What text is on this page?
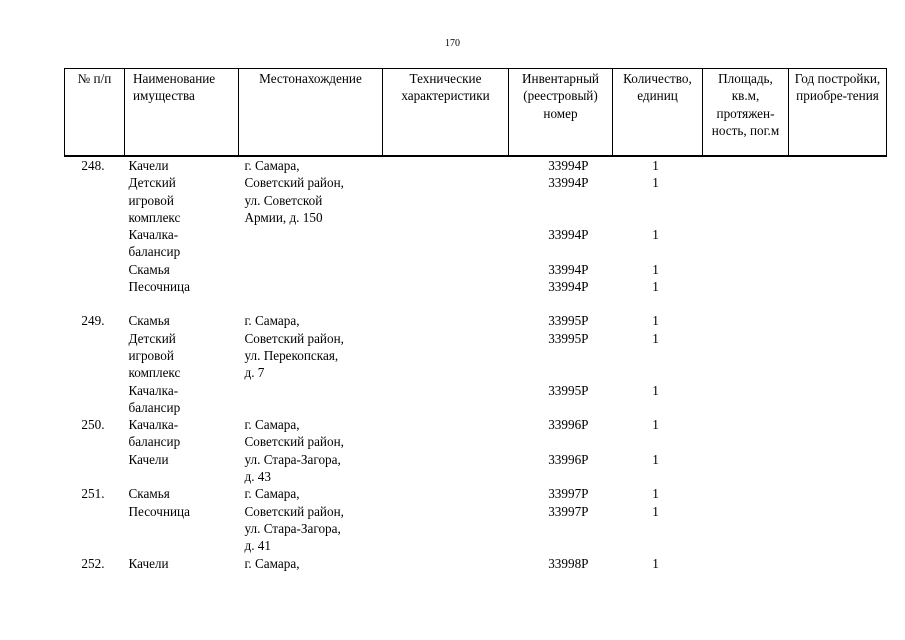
170
№ п/п	Наименование имущества	Местонахождение	Технические характеристики	Инвентарный (реестровый) номер	Количество, единиц	Площадь, кв.м, протяжен-ность, пог.м	Год постройки, приобре-тения
248.	Качели	г. Самара,		33994Р	1		
	Детский	Советский район,		33994Р	1		
	игровой	ул. Советской					
	комплекс	Армии, д. 150					
	Качалка-			33994Р	1		
	балансир						
	Скамья			33994Р	1		
	Песочница			33994Р	1		

249.	Скамья	г. Самара,		33995Р	1		
	Детский	Советский район,		33995Р	1		
	игровой	ул. Перекопская,					
	комплекс	д. 7					
	Качалка-			33995Р	1		
	балансир						
250.	Качалка-	г. Самара,		33996Р	1		
	балансир	Советский район,					
	Качели	ул. Стара-Загора,		33996Р	1		
		д. 43					
251.	Скамья	г. Самара,		33997Р	1		
	Песочница	Советский район,		33997Р	1		
		ул. Стара-Загора,					
		д. 41					
252.	Качели	г. Самара,		33998Р	1		
